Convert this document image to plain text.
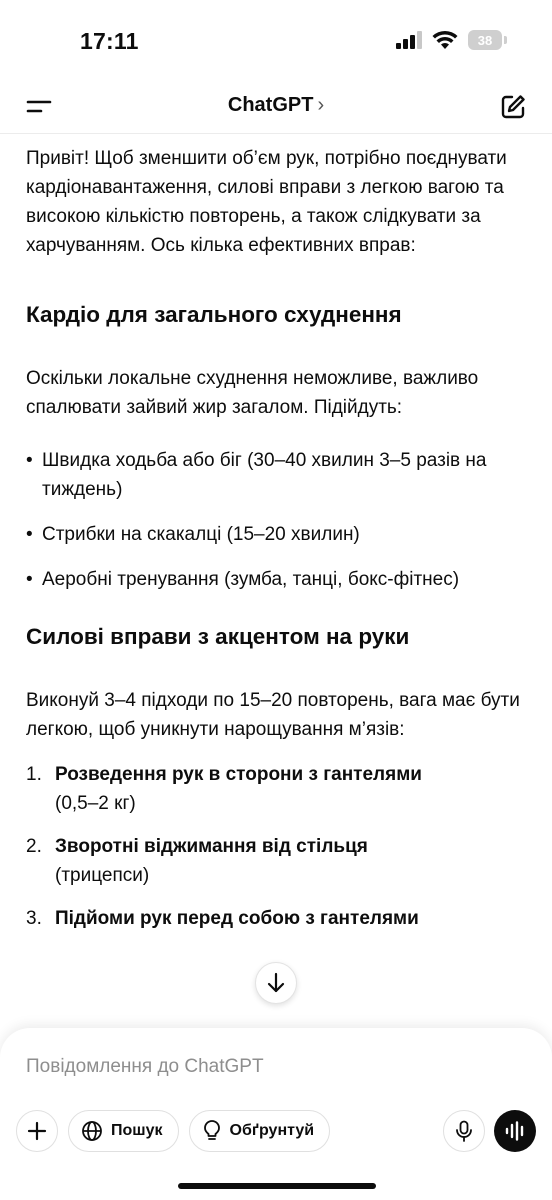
17:11	38
ChatGPT ›

Привіт! Щоб зменшити об’єм рук, потрібно поєднувати кардіонавантаження, силові вправи з легкою вагою та високою кількістю повторень, а також слідкувати за харчуванням. Ось кілька ефективних вправ:

Кардіо для загального схуднення

Оскільки локальне схуднення неможливе, важливо спалювати зайвий жир загалом. Підійдуть:

• Швидка ходьба або біг (30–40 хвилин 3–5 разів на тиждень)
• Стрибки на скакалці (15–20 хвилин)
• Аеробні тренування (зумба, танці, бокс-фітнес)
Силові вправи з акцентом на руки

Виконуй 3–4 підходи по 15–20 повторень, вага має бути легкою, щоб уникнути нарощування м’язів:

1. Розведення рук в сторони з гантелями
(0,5–2 кг)
2. Зворотні віджимання від стільця
(трицепси)
3. Підйоми рук перед собою з гантелями
Повідомлення до ChatGPT
Пошук	Обґрунтуй
